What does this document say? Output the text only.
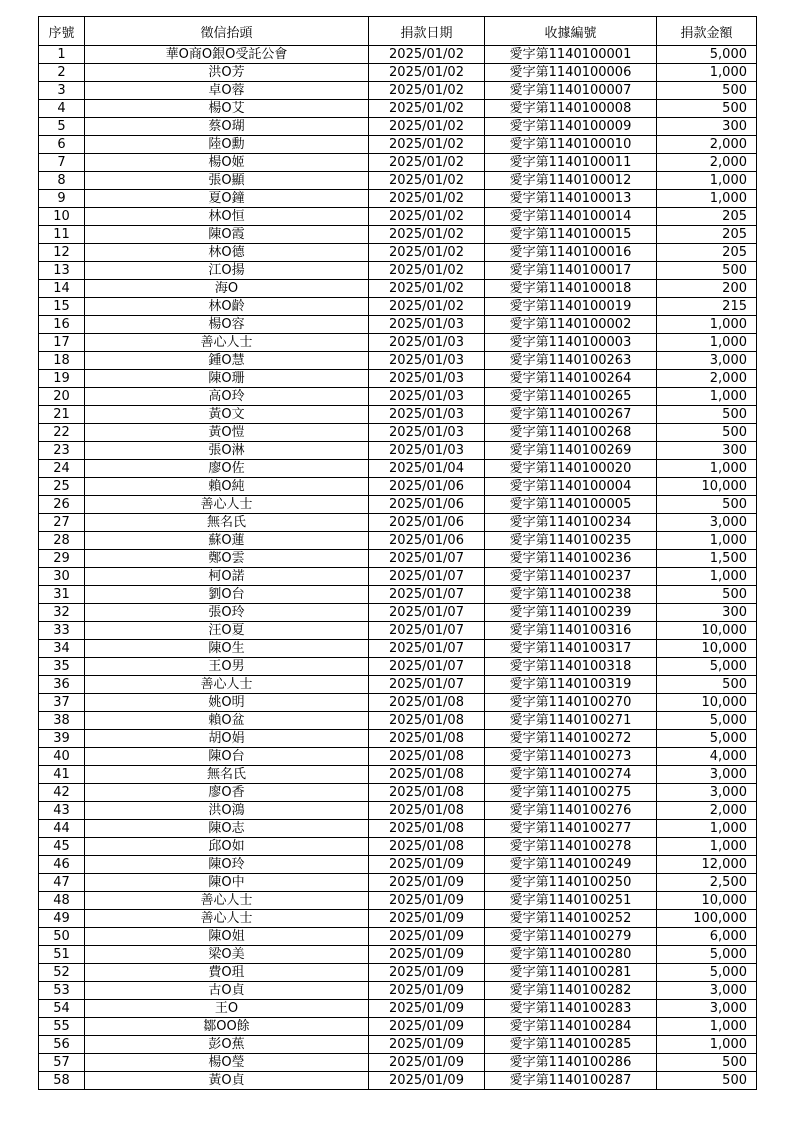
序號	徵信抬頭	捐款日期	收據編號	捐款金額
1	華O商O銀O受託公會	2025/01/02	愛字第1140100001	5,000
2	洪O芳	2025/01/02	愛字第1140100006	1,000
3	卓O蓉	2025/01/02	愛字第1140100007	500
4	楊O艾	2025/01/02	愛字第1140100008	500
5	蔡O瑚	2025/01/02	愛字第1140100009	300
6	陸O勳	2025/01/02	愛字第1140100010	2,000
7	楊O姬	2025/01/02	愛字第1140100011	2,000
8	張O顯	2025/01/02	愛字第1140100012	1,000
9	夏O鐘	2025/01/02	愛字第1140100013	1,000
10	林O恒	2025/01/02	愛字第1140100014	205
11	陳O霞	2025/01/02	愛字第1140100015	205
12	林O德	2025/01/02	愛字第1140100016	205
13	江O揚	2025/01/02	愛字第1140100017	500
14	海O	2025/01/02	愛字第1140100018	200
15	林O齡	2025/01/02	愛字第1140100019	215
16	楊O容	2025/01/03	愛字第1140100002	1,000
17	善心人士	2025/01/03	愛字第1140100003	1,000
18	鍾O慧	2025/01/03	愛字第1140100263	3,000
19	陳O珊	2025/01/03	愛字第1140100264	2,000
20	高O玲	2025/01/03	愛字第1140100265	1,000
21	黃O文	2025/01/03	愛字第1140100267	500
22	黃O愷	2025/01/03	愛字第1140100268	500
23	張O淋	2025/01/03	愛字第1140100269	300
24	廖O佐	2025/01/04	愛字第1140100020	1,000
25	賴O純	2025/01/06	愛字第1140100004	10,000
26	善心人士	2025/01/06	愛字第1140100005	500
27	無名氏	2025/01/06	愛字第1140100234	3,000
28	蘇O蓮	2025/01/06	愛字第1140100235	1,000
29	鄭O雲	2025/01/07	愛字第1140100236	1,500
30	柯O諾	2025/01/07	愛字第1140100237	1,000
31	劉O台	2025/01/07	愛字第1140100238	500
32	張O玲	2025/01/07	愛字第1140100239	300
33	汪O夏	2025/01/07	愛字第1140100316	10,000
34	陳O生	2025/01/07	愛字第1140100317	10,000
35	王O男	2025/01/07	愛字第1140100318	5,000
36	善心人士	2025/01/07	愛字第1140100319	500
37	姚O明	2025/01/08	愛字第1140100270	10,000
38	賴O盆	2025/01/08	愛字第1140100271	5,000
39	胡O娟	2025/01/08	愛字第1140100272	5,000
40	陳O台	2025/01/08	愛字第1140100273	4,000
41	無名氏	2025/01/08	愛字第1140100274	3,000
42	廖O香	2025/01/08	愛字第1140100275	3,000
43	洪O鴻	2025/01/08	愛字第1140100276	2,000
44	陳O志	2025/01/08	愛字第1140100277	1,000
45	邱O如	2025/01/08	愛字第1140100278	1,000
46	陳O玲	2025/01/09	愛字第1140100249	12,000
47	陳O中	2025/01/09	愛字第1140100250	2,500
48	善心人士	2025/01/09	愛字第1140100251	10,000
49	善心人士	2025/01/09	愛字第1140100252	100,000
50	陳O姐	2025/01/09	愛字第1140100279	6,000
51	梁O美	2025/01/09	愛字第1140100280	5,000
52	費O珇	2025/01/09	愛字第1140100281	5,000
53	古O貞	2025/01/09	愛字第1140100282	3,000
54	王O	2025/01/09	愛字第1140100283	3,000
55	鄒OO餘	2025/01/09	愛字第1140100284	1,000
56	彭O蕉	2025/01/09	愛字第1140100285	1,000
57	楊O瑩	2025/01/09	愛字第1140100286	500
58	黃O貞	2025/01/09	愛字第1140100287	500
